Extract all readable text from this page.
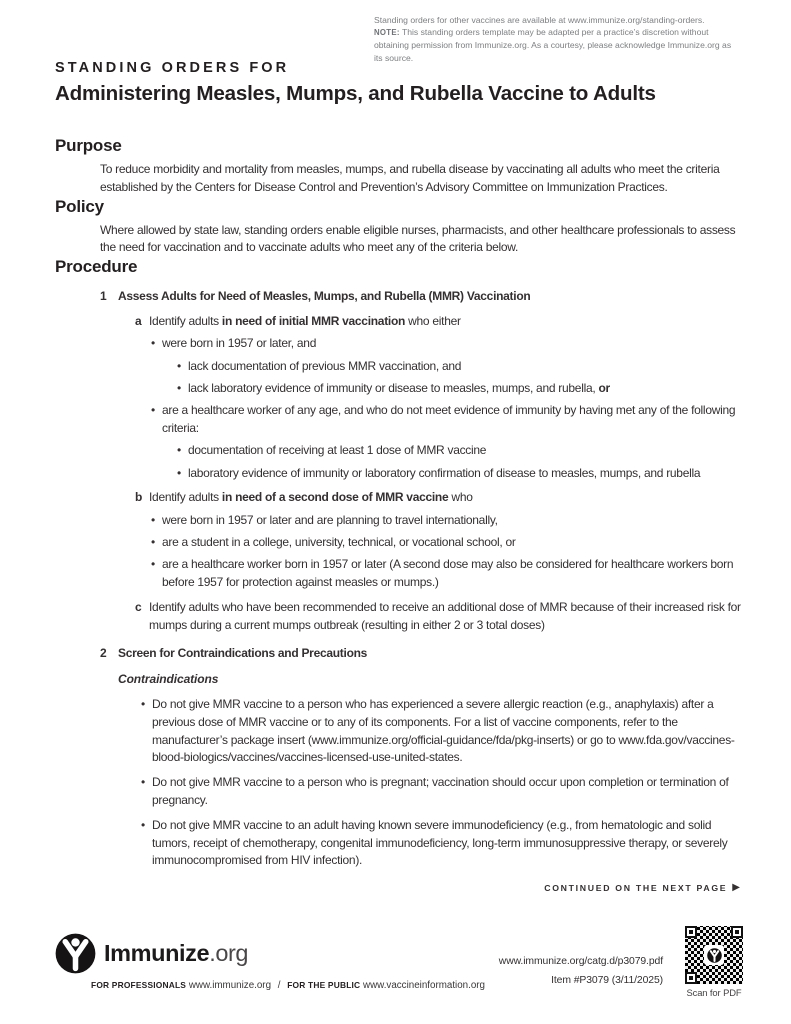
Standing orders for other vaccines are available at www.immunize.org/standing-orders.
NOTE: This standing orders template may be adapted per a practice’s discretion without obtaining permission from Immunize.org. As a courtesy, please acknowledge Immunize.org as its source.
STANDING ORDERS FOR
Administering Measles, Mumps, and Rubella Vaccine to Adults
Purpose

To reduce morbidity and mortality from measles, mumps, and rubella disease by vaccinating all adults who meet the criteria established by the Centers for Disease Control and Prevention’s Advisory Committee on Immunization Practices.

Policy

Where allowed by state law, standing orders enable eligible nurses, pharmacists, and other healthcare professionals to assess the need for vaccination and to vaccinate adults who meet any of the criteria below.

Procedure
1 Assess Adults for Need of Measles, Mumps, and Rubella (MMR) Vaccination
a Identify adults in need of initial MMR vaccination who either
• were born in 1957 or later, and
• lack documentation of previous MMR vaccination, and
• lack laboratory evidence of immunity or disease to measles, mumps, and rubella, or
• are a healthcare worker of any age, and who do not meet evidence of immunity by having met any of the following criteria:
• documentation of receiving at least 1 dose of MMR vaccine
• laboratory evidence of immunity or laboratory confirmation of disease to measles, mumps, and rubella
b Identify adults in need of a second dose of MMR vaccine who
• were born in 1957 or later and are planning to travel internationally,
• are a student in a college, university, technical, or vocational school, or
• are a healthcare worker born in 1957 or later (A second dose may also be considered for healthcare workers born before 1957 for protection against measles or mumps.)
c Identify adults who have been recommended to receive an additional dose of MMR because of their increased risk for mumps during a current mumps outbreak (resulting in either 2 or 3 total doses)
2 Screen for Contraindications and Precautions
Contraindications
• Do not give MMR vaccine to a person who has experienced a severe allergic reaction (e.g., anaphylaxis) after a previous dose of MMR vaccine or to any of its components. For a list of vaccine components, refer to the manufacturer’s package insert (www.immunize.org/official-guidance/fda/pkg-inserts) or go to www.fda.gov/vaccines-blood-biologics/vaccines/vaccines-licensed-use-united-states.
• Do not give MMR vaccine to a person who is pregnant; vaccination should occur upon completion or termination of pregnancy.
• Do not give MMR vaccine to an adult having known severe immunodeficiency (e.g., from hematologic and solid tumors, receipt of chemotherapy, congenital immunodeficiency, long-term immunosuppressive therapy, or severely immunocompromised from HIV infection).
CONTINUED ON THE NEXT PAGE ▶
Immunize.org
FOR PROFESSIONALS www.immunize.org / FOR THE PUBLIC www.vaccineinformation.org
www.immunize.org/catg.d/p3079.pdf
Item #P3079 (3/11/2025)
Scan for PDF
